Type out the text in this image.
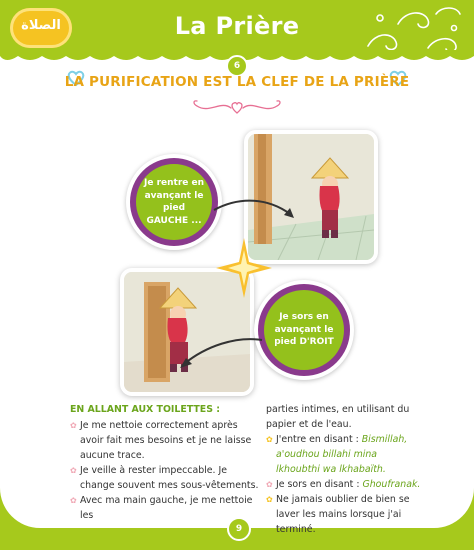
الصلاة	La Prière
6
LA PURIFICATION EST LA CLEF DE LA PRIÈRE
Je rentre en avançant le pied GAUCHE ...
Je sors en avançant le pied D'ROIT
EN ALLANT AUX TOILETTES :
✿ Je me nettoie correctement après avoir fait mes besoins et je ne laisse aucune trace.
✿ Je veille à rester impeccable. Je change souvent mes sous-vêtements.
✿ Avec ma main gauche, je me nettoie les
parties intimes, en utilisant du papier et de l'eau.
✿ J'entre en disant : Bismillah, a'oudhou billahi mina lkhoubthi wa lkhabaïth.
✿ Je sors en disant : Ghoufranak.
✿ Ne jamais oublier de bien se laver les mains lorsque j'ai terminé.
9
